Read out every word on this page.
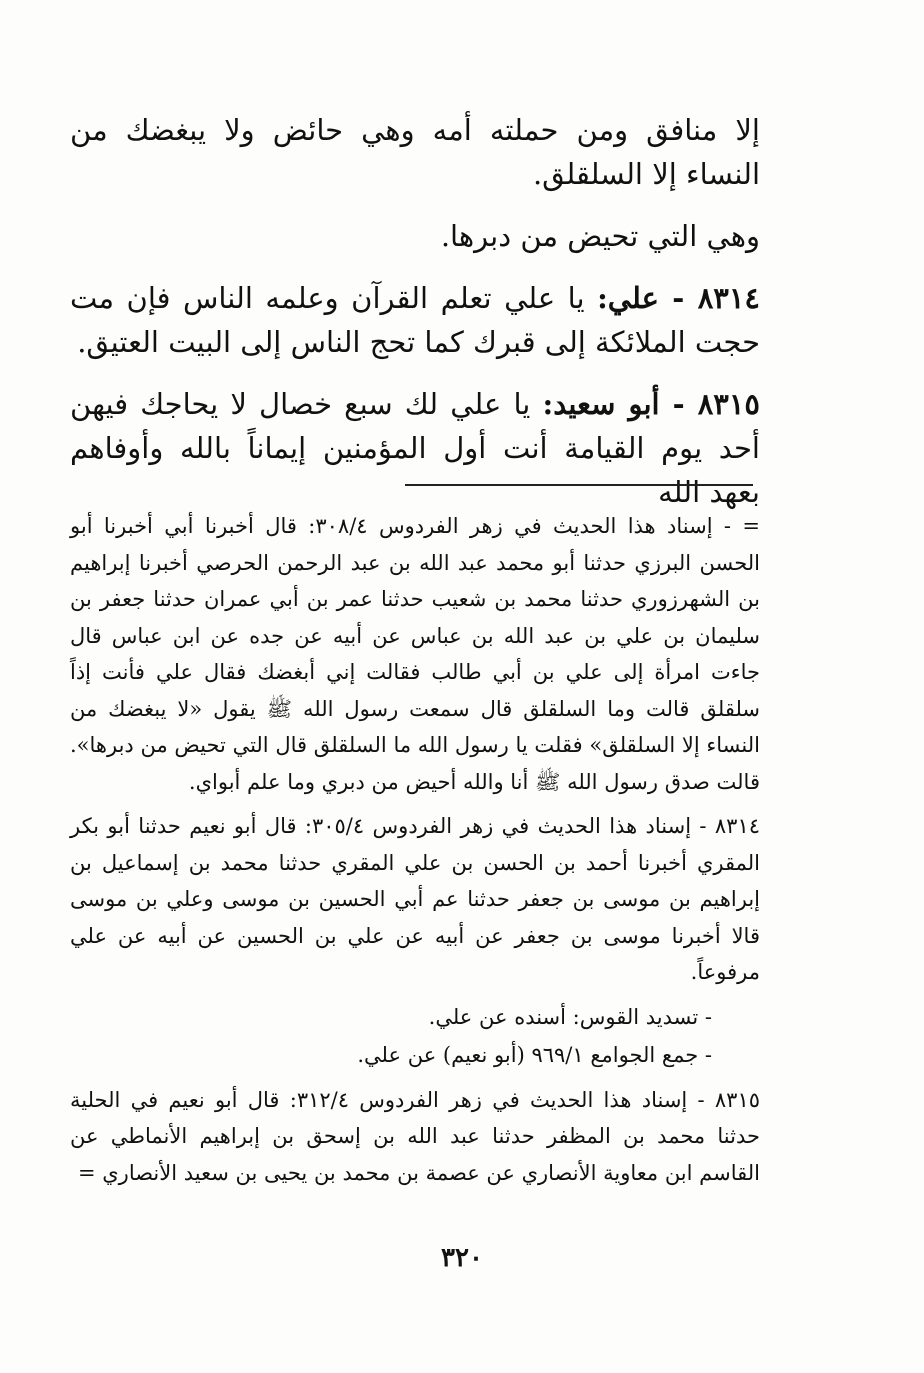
إلا منافق ومن حملته أمه وهي حائض ولا يبغضك من النساء إلا السلقلق.

وهي التي تحيض من دبرها.

٨٣١٤ - علي: يا علي تعلم القرآن وعلمه الناس فإن مت حجت الملائكة إلى قبرك كما تحج الناس إلى البيت العتيق.

٨٣١٥ - أبو سعيد: يا علي لك سبع خصال لا يحاجك فيهن أحد يوم القيامة أنت أول المؤمنين إيماناً بالله وأوفاهم بعهد الله

= - إسناد هذا الحديث في زهر الفردوس ٣٠٨/٤: قال أخبرنا أبي أخبرنا أبو الحسن البرزي حدثنا أبو محمد عبد الله بن عبد الرحمن الحرصي أخبرنا إبراهيم بن الشهرزوري حدثنا محمد بن شعيب حدثنا عمر بن أبي عمران حدثنا جعفر بن سليمان بن علي بن عبد الله بن عباس عن أبيه عن جده عن ابن عباس قال جاءت امرأة إلى علي بن أبي طالب فقالت إني أبغضك فقال علي فأنت إذاً سلقلق قالت وما السلقلق قال سمعت رسول الله ﷺ يقول «لا يبغضك من النساء إلا السلقلق» فقلت يا رسول الله ما السلقلق قال التي تحيض من دبرها». قالت صدق رسول الله ﷺ أنا والله أحيض من دبري وما علم أبواي.

٨٣١٤ - إسناد هذا الحديث في زهر الفردوس ٣٠٥/٤: قال أبو نعيم حدثنا أبو بكر المقري أخبرنا أحمد بن الحسن بن علي المقري حدثنا محمد بن إسماعيل بن إبراهيم بن موسى بن جعفر حدثنا عم أبي الحسين بن موسى وعلي بن موسى قالا أخبرنا موسى بن جعفر عن أبيه عن علي بن الحسين عن أبيه عن علي مرفوعاً.

- تسديد القوس: أسنده عن علي.

- جمع الجوامع ٩٦٩/١ (أبو نعيم) عن علي.

٨٣١٥ - إسناد هذا الحديث في زهر الفردوس ٣١٢/٤: قال أبو نعيم في الحلية حدثنا محمد بن المظفر حدثنا عبد الله بن إسحق بن إبراهيم الأنماطي عن القاسم ابن معاوية الأنصاري عن عصمة بن محمد بن يحيى بن سعيد الأنصاري =

٣٢٠
